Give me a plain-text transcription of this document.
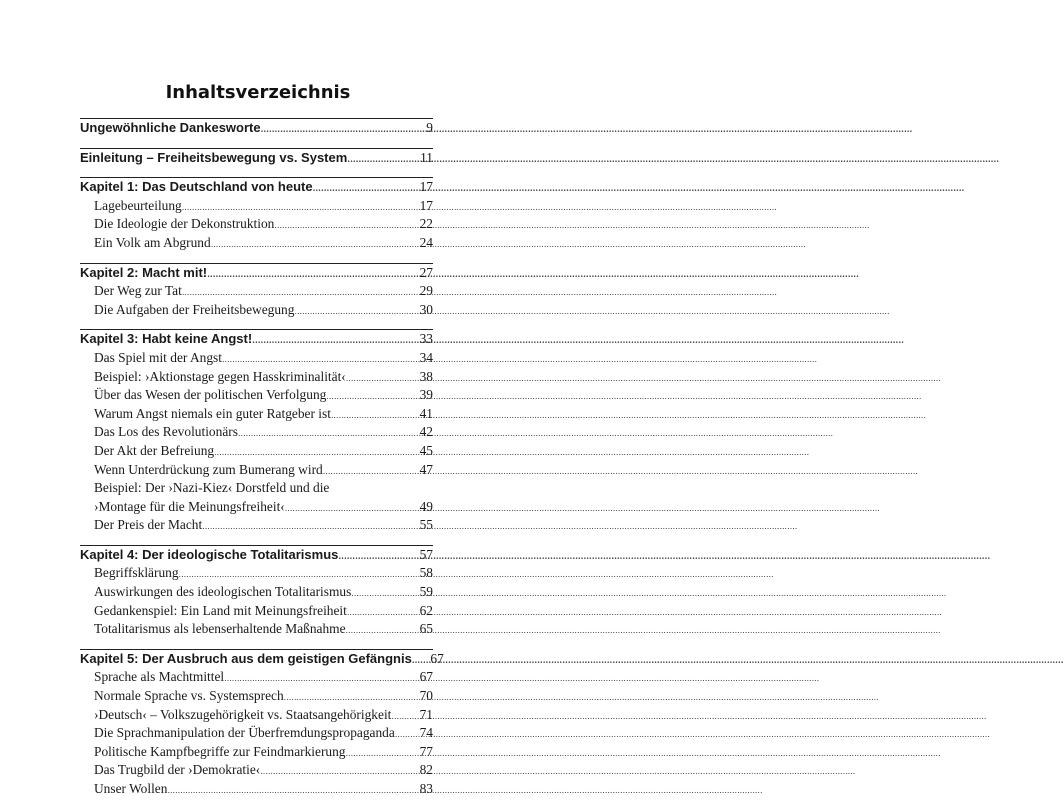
Inhaltsverzeichnis
Ungewöhnliche Dankesworte .....	9
Einleitung – Freiheitsbewegung vs. System .....	11
Kapitel 1: Das Deutschland von heute .....	17
Lagebeurteilung .....	17
Die Ideologie der Dekonstruktion .....	22
Ein Volk am Abgrund .....	24
Kapitel 2: Macht mit! .....	27
Der Weg zur Tat .....	29
Die Aufgaben der Freiheitsbewegung .....	30
Kapitel 3: Habt keine Angst! .....	33
Das Spiel mit der Angst .....	34
Beispiel: ›Aktionstage gegen Hasskriminalität‹ .....	38
Über das Wesen der politischen Verfolgung .....	39
Warum Angst niemals ein guter Ratgeber ist .....	41
Das Los des Revolutionärs .....	42
Der Akt der Befreiung .....	45
Wenn Unterdrückung zum Bumerang wird .....	47
Beispiel: Der ›Nazi-Kiez‹ Dorstfeld und die
›Montage für die Meinungsfreiheit‹ .....	49
Der Preis der Macht .....	55
Kapitel 4: Der ideologische Totalitarismus .....	57
Begriffsklärung .....	58
Auswirkungen des ideologischen Totalitarismus .....	59
Gedankenspiel: Ein Land mit Meinungsfreiheit .....	62
Totalitarismus als lebenserhaltende Maßnahme .....	65
Kapitel 5: Der Ausbruch aus dem geistigen Gefängnis .....	67
Sprache als Machtmittel .....	67
Normale Sprache vs. Systemsprech .....	70
›Deutsch‹ – Volkszugehörigkeit vs. Staatsangehörigkeit .....	71
Die Sprachmanipulation der Überfremdungspropaganda .....	74
Politische Kampfbegriffe zur Feindmarkierung .....	77
Das Trugbild der ›Demokratie‹ .....	82
Unser Wollen .....	83
